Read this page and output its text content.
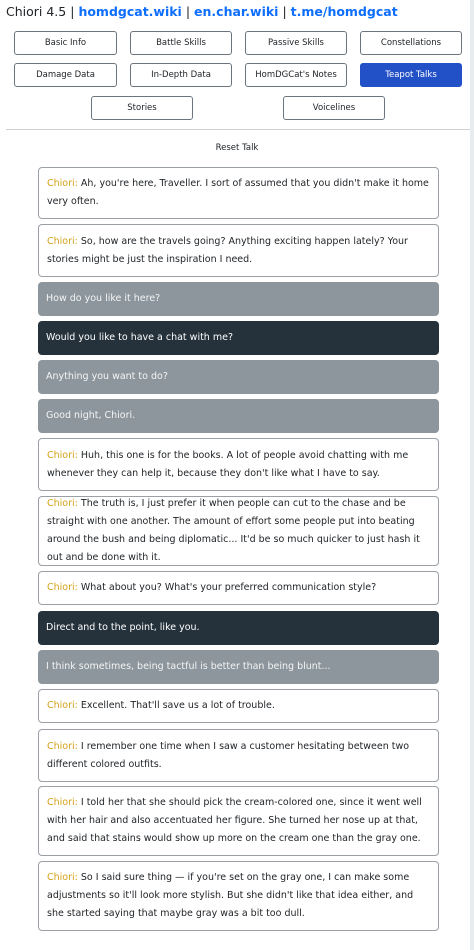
Chiori 4.5 | homdgcat.wiki | en.char.wiki | t.me/homdgcat
Basic Info	Battle Skills	Passive Skills	Constellations
Damage Data	In-Depth Data	HomDGCat's Notes	Teapot Talks
Stories	Voicelines
Reset Talk
Chiori: Ah, you're here, Traveller. I sort of assumed that you didn't make it home very often.
Chiori: So, how are the travels going? Anything exciting happen lately? Your stories might be just the inspiration I need.
How do you like it here?
Would you like to have a chat with me?
Anything you want to do?
Good night, Chiori.
Chiori: Huh, this one is for the books. A lot of people avoid chatting with me whenever they can help it, because they don't like what I have to say.
Chiori: The truth is, I just prefer it when people can cut to the chase and be straight with one another. The amount of effort some people put into beating around the bush and being diplomatic... It'd be so much quicker to just hash it out and be done with it.
Chiori: What about you? What's your preferred communication style?
Direct and to the point, like you.
I think sometimes, being tactful is better than being blunt...
Chiori: Excellent. That'll save us a lot of trouble.
Chiori: I remember one time when I saw a customer hesitating between two different colored outfits.
Chiori: I told her that she should pick the cream-colored one, since it went well with her hair and also accentuated her figure. She turned her nose up at that, and said that stains would show up more on the cream one than the gray one.
Chiori: So I said sure thing — if you're set on the gray one, I can make some adjustments so it'll look more stylish. But she didn't like that idea either, and she started saying that maybe gray was a bit too dull.
